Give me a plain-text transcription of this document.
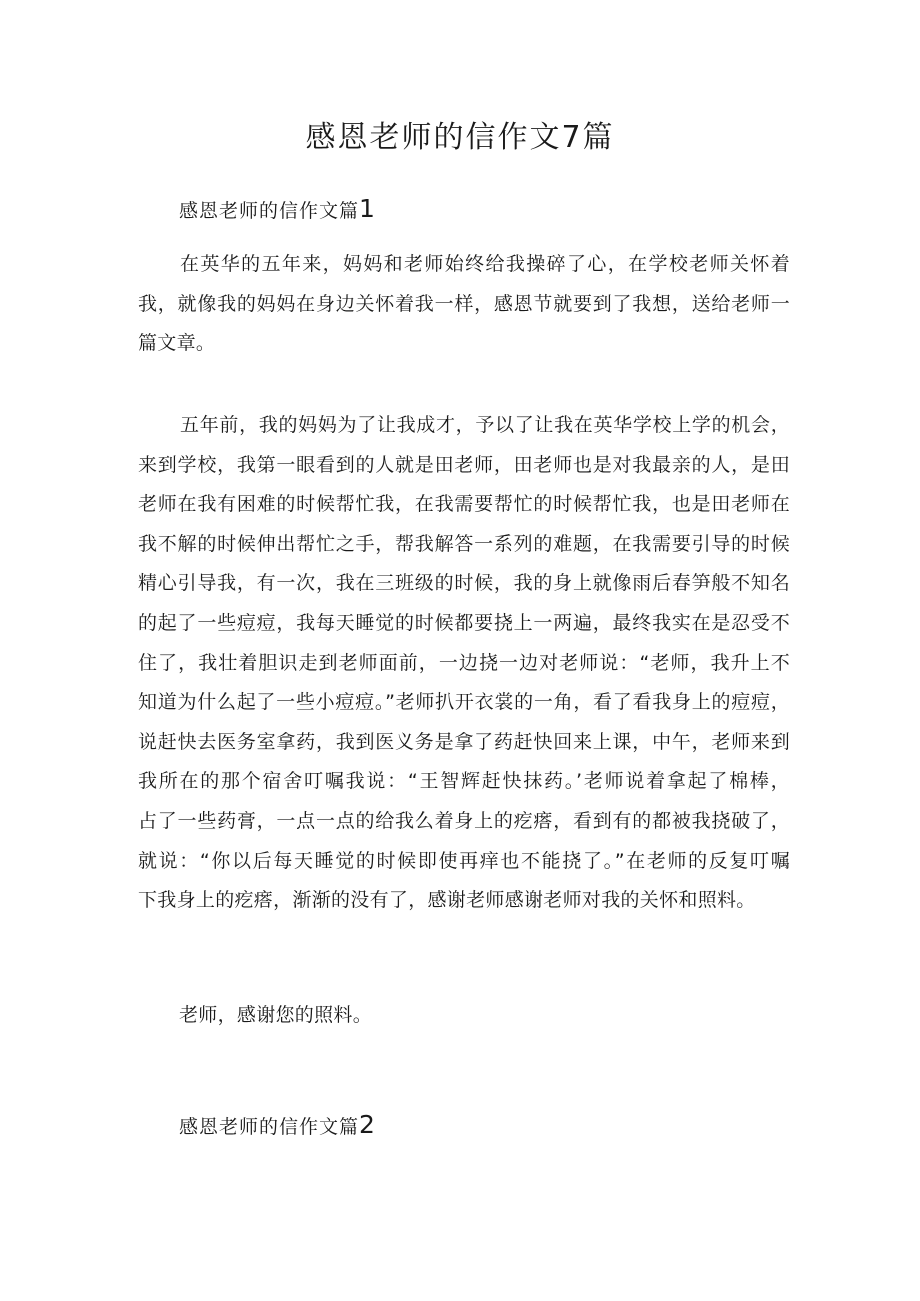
感恩老师的信作文7篇
感恩老师的信作文篇1
在英华的五年来，妈妈和老师始终给我操碎了心，在学校老师关怀着
我，就像我的妈妈在身边关怀着我一样，感恩节就要到了我想，送给老师一
篇文章。
五年前，我的妈妈为了让我成才，予以了让我在英华学校上学的机会，
来到学校，我第一眼看到的人就是田老师，田老师也是对我最亲的人，是田
老师在我有困难的时候帮忙我，在我需要帮忙的时候帮忙我，也是田老师在
我不解的时候伸出帮忙之手，帮我解答一系列的难题，在我需要引导的时候
精心引导我，有一次，我在三班级的时候，我的身上就像雨后春笋般不知名
的起了一些痘痘，我每天睡觉的时候都要挠上一两遍，最终我实在是忍受不
住了，我壮着胆识走到老师面前，一边挠一边对老师说：“老师，我升上不
知道为什么起了一些小痘痘。”老师扒开衣裳的一角，看了看我身上的痘痘，
说赶快去医务室拿药，我到医义务是拿了药赶快回来上课，中午，老师来到
我所在的那个宿舍叮嘱我说：“王智辉赶快抹药。’老师说着拿起了棉棒，
占了一些药膏，一点一点的给我么着身上的疙瘩，看到有的都被我挠破了，
就说：“你以后每天睡觉的时候即使再痒也不能挠了。”在老师的反复叮嘱
下我身上的疙瘩，渐渐的没有了，感谢老师感谢老师对我的关怀和照料。

老师，感谢您的照料。

感恩老师的信作文篇2
